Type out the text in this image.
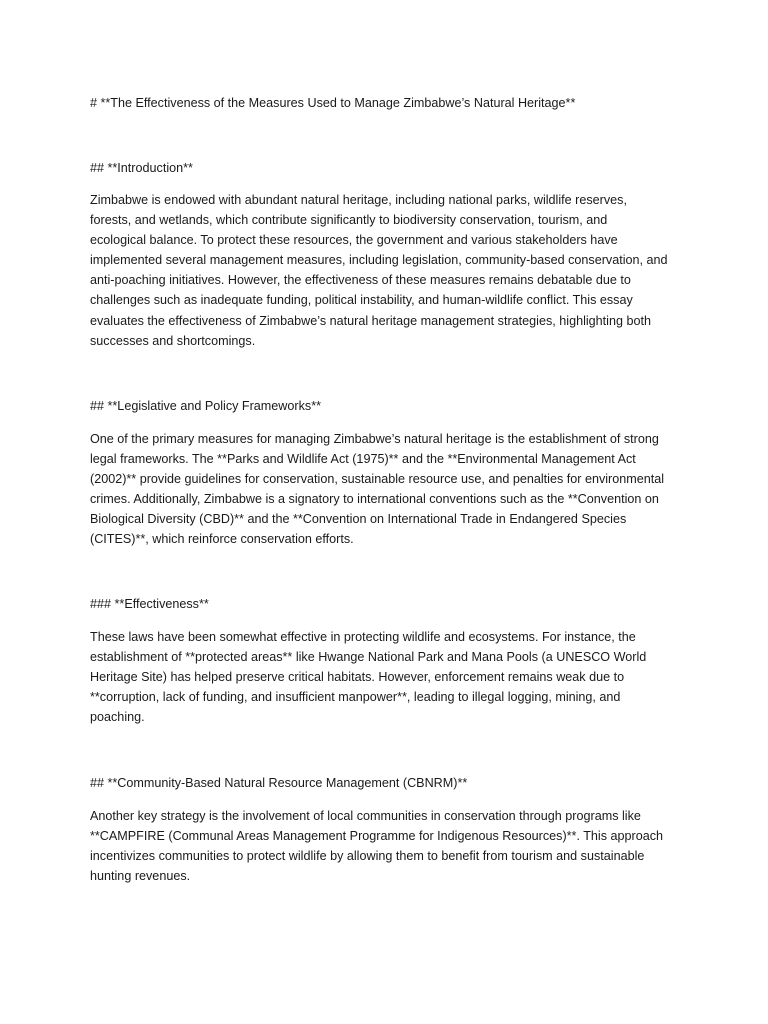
# **The Effectiveness of the Measures Used to Manage Zimbabwe’s Natural Heritage**
## **Introduction**
Zimbabwe is endowed with abundant natural heritage, including national parks, wildlife reserves,
forests, and wetlands, which contribute significantly to biodiversity conservation, tourism, and
ecological balance. To protect these resources, the government and various stakeholders have
implemented several management measures, including legislation, community-based conservation, and
anti-poaching initiatives. However, the effectiveness of these measures remains debatable due to
challenges such as inadequate funding, political instability, and human-wildlife conflict. This essay
evaluates the effectiveness of Zimbabwe’s natural heritage management strategies, highlighting both
successes and shortcomings.
## **Legislative and Policy Frameworks**
One of the primary measures for managing Zimbabwe’s natural heritage is the establishment of strong
legal frameworks. The **Parks and Wildlife Act (1975)** and the **Environmental Management Act
(2002)** provide guidelines for conservation, sustainable resource use, and penalties for environmental
crimes. Additionally, Zimbabwe is a signatory to international conventions such as the **Convention on
Biological Diversity (CBD)** and the **Convention on International Trade in Endangered Species
(CITES)**, which reinforce conservation efforts.
### **Effectiveness**
These laws have been somewhat effective in protecting wildlife and ecosystems. For instance, the
establishment of **protected areas** like Hwange National Park and Mana Pools (a UNESCO World
Heritage Site) has helped preserve critical habitats. However, enforcement remains weak due to
**corruption, lack of funding, and insufficient manpower**, leading to illegal logging, mining, and
poaching.
## **Community-Based Natural Resource Management (CBNRM)**
Another key strategy is the involvement of local communities in conservation through programs like
**CAMPFIRE (Communal Areas Management Programme for Indigenous Resources)**. This approach
incentivizes communities to protect wildlife by allowing them to benefit from tourism and sustainable
hunting revenues.
